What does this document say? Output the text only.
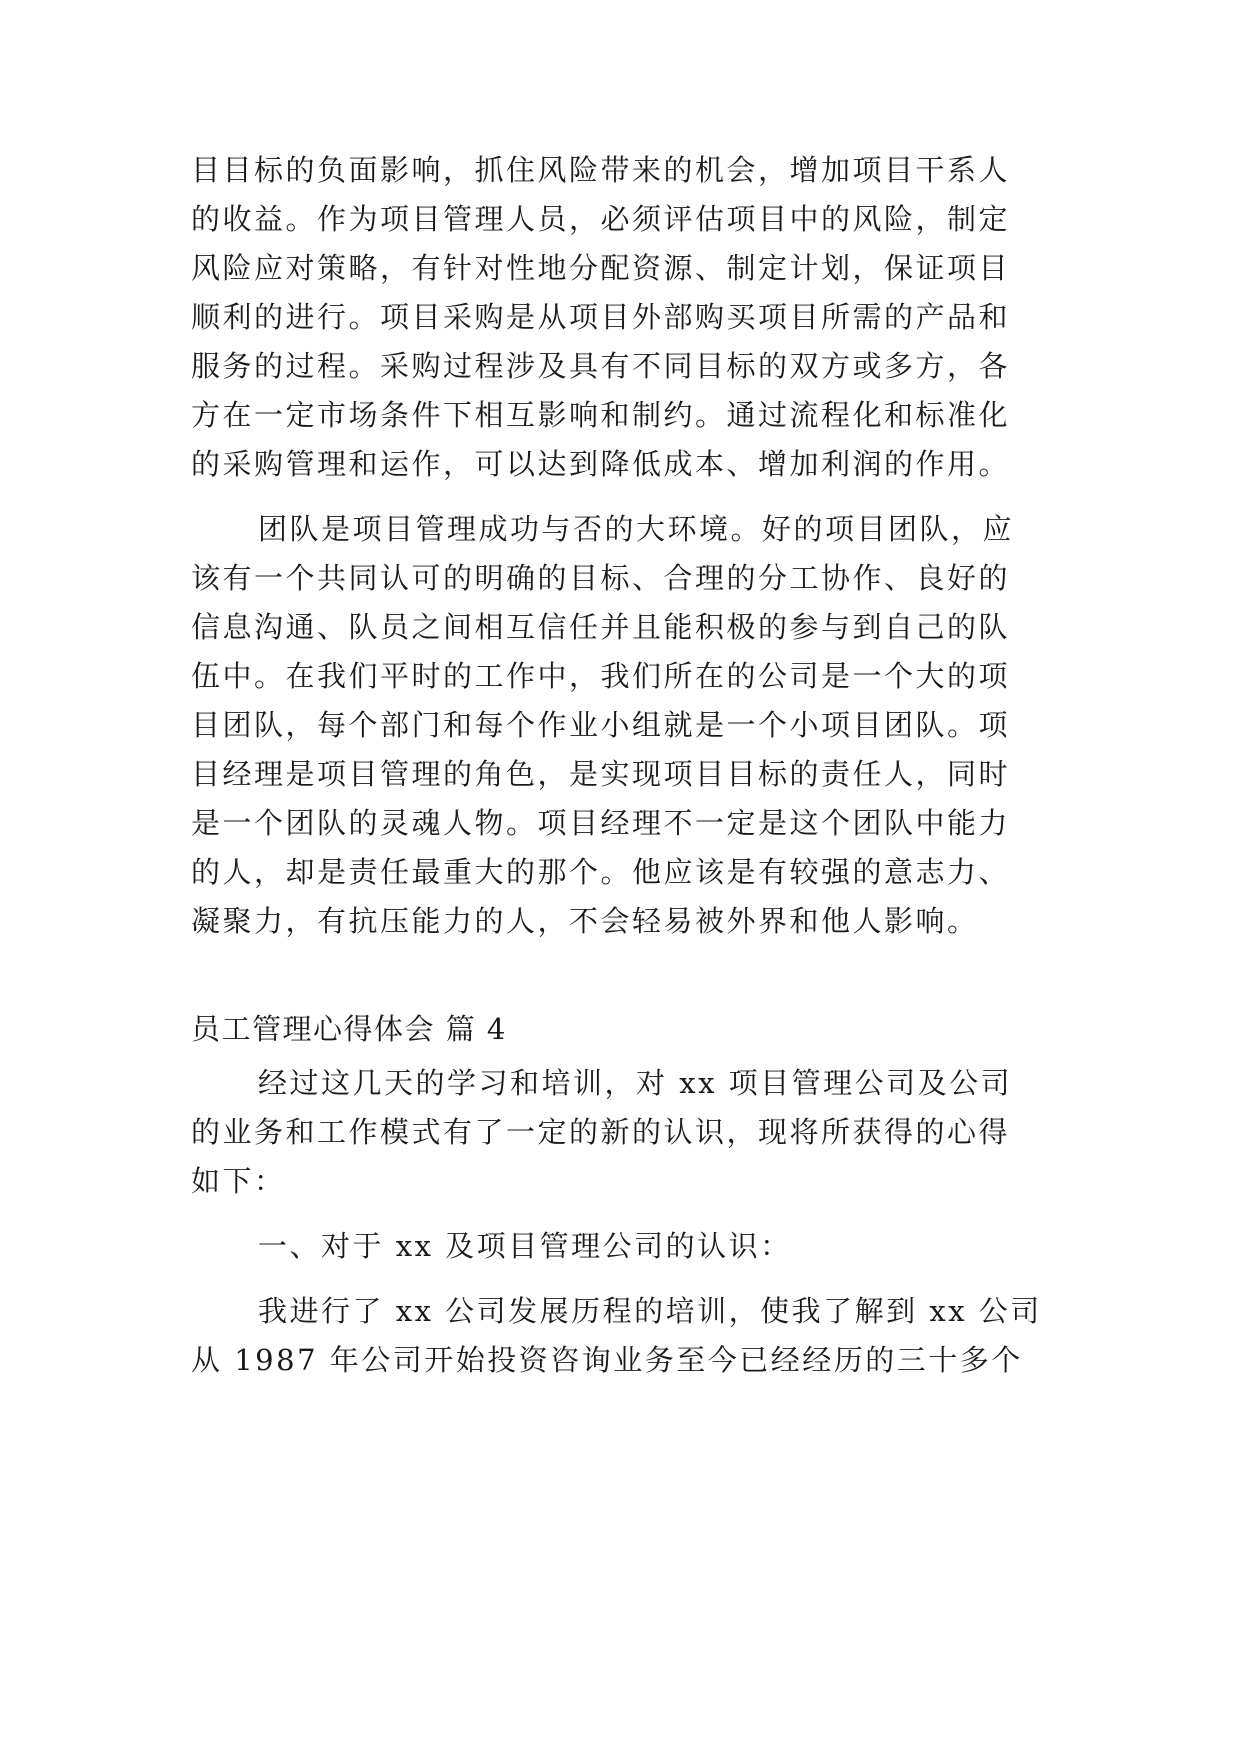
目目标的负面影响，抓住风险带来的机会，增加项目干系人
的收益。作为项目管理人员，必须评估项目中的风险，制定
风险应对策略，有针对性地分配资源、制定计划，保证项目
顺利的进行。项目采购是从项目外部购买项目所需的产品和
服务的过程。采购过程涉及具有不同目标的双方或多方，各
方在一定市场条件下相互影响和制约。通过流程化和标准化
的采购管理和运作，可以达到降低成本、增加利润的作用。
团队是项目管理成功与否的大环境。好的项目团队，应
该有一个共同认可的明确的目标、合理的分工协作、良好的
信息沟通、队员之间相互信任并且能积极的参与到自己的队
伍中。在我们平时的工作中，我们所在的公司是一个大的项
目团队，每个部门和每个作业小组就是一个小项目团队。项
目经理是项目管理的角色，是实现项目目标的责任人，同时
是一个团队的灵魂人物。项目经理不一定是这个团队中能力
的人，却是责任最重大的那个。他应该是有较强的意志力、
凝聚力，有抗压能力的人，不会轻易被外界和他人影响。
员工管理心得体会 篇 4
经过这几天的学习和培训，对 xx 项目管理公司及公司
的业务和工作模式有了一定的新的认识，现将所获得的心得
如下：
一、对于 xx 及项目管理公司的认识：
我进行了 xx 公司发展历程的培训，使我了解到 xx 公司
从 1987 年公司开始投资咨询业务至今已经经历的三十多个
